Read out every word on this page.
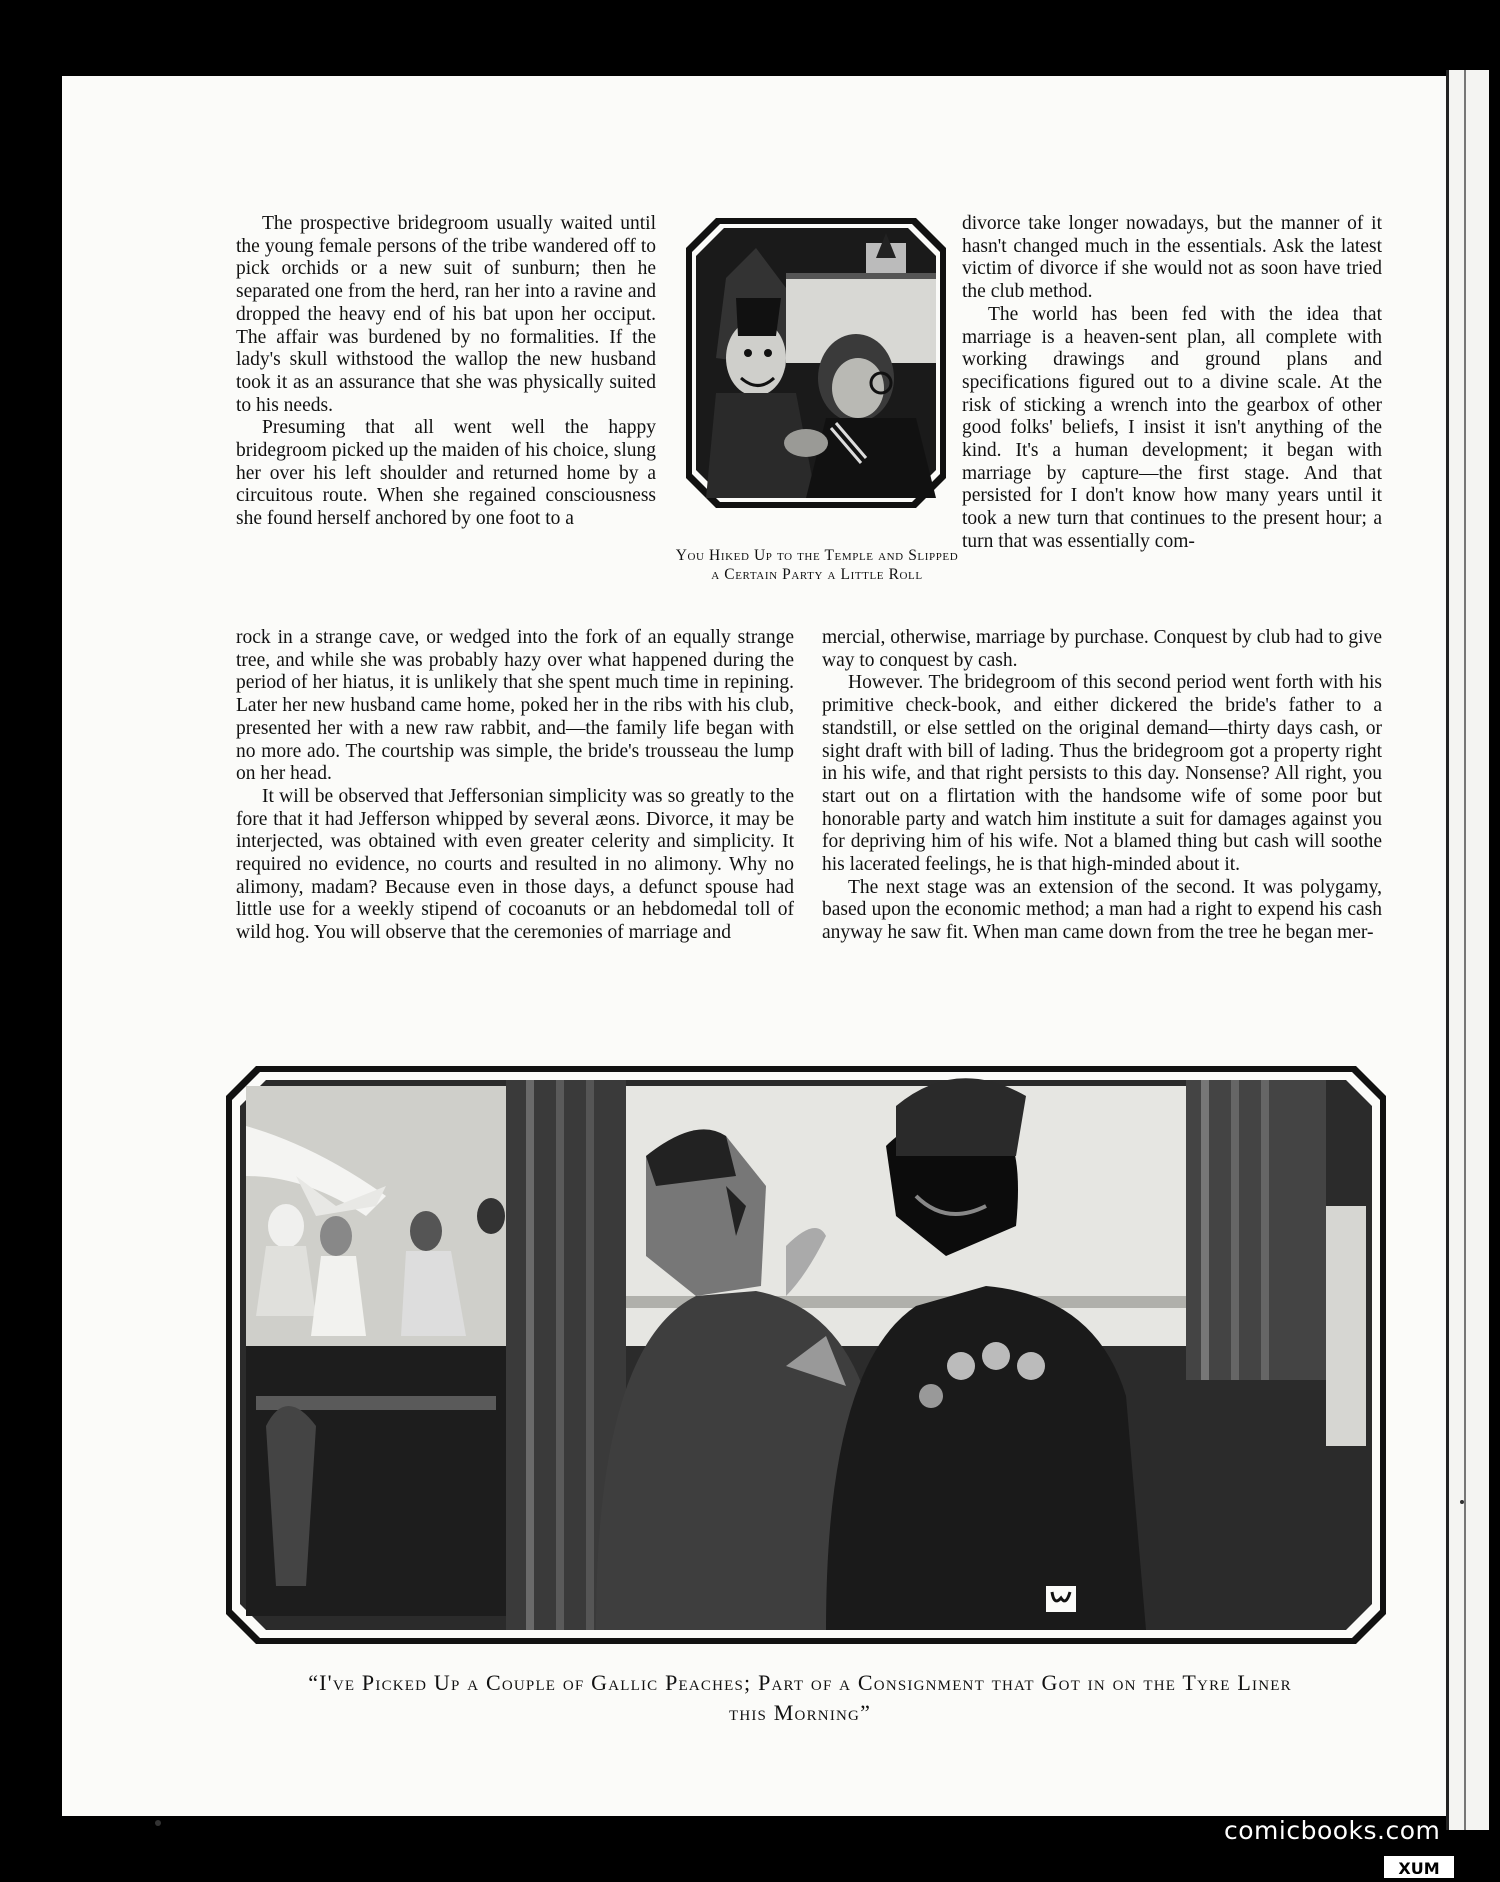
The prospective bridegroom usually waited until the young female persons of the tribe wandered off to pick orchids or a new suit of sunburn; then he separated one from the herd, ran her into a ravine and dropped the heavy end of his bat upon her occiput. The affair was burdened by no formalities. If the lady's skull withstood the wallop the new husband took it as an assurance that she was physically suited to his needs.

Presuming that all went well the happy bridegroom picked up the maiden of his choice, slung her over his left shoulder and returned home by a circuitous route. When she regained consciousness she found herself anchored by one foot to a

rock in a strange cave, or wedged into the fork of an equally strange tree, and while she was probably hazy over what happened during the period of her hiatus, it is unlikely that she spent much time in repining. Later her new husband came home, poked her in the ribs with his club, presented her with a new raw rabbit, and—the family life began with no more ado. The courtship was simple, the bride's trousseau the lump on her head.

It will be observed that Jeffersonian simplicity was so greatly to the fore that it had Jefferson whipped by several æons. Divorce, it may be interjected, was obtained with even greater celerity and simplicity. It required no evidence, no courts and resulted in no alimony. Why no alimony, madam? Because even in those days, a defunct spouse had little use for a weekly stipend of cocoanuts or an hebdomedal toll of wild hog. You will observe that the ceremonies of marriage and

divorce take longer nowadays, but the manner of it hasn't changed much in the essentials. Ask the latest victim of divorce if she would not as soon have tried the club method.

The world has been fed with the idea that marriage is a heaven-sent plan, all complete with working drawings and ground plans and specifications figured out to a divine scale. At the risk of sticking a wrench into the gearbox of other good folks' beliefs, I insist it isn't anything of the kind. It's a human development; it began with marriage by capture—the first stage. And that persisted for I don't know how many years until it took a new turn that continues to the present hour; a turn that was essentially com-

mercial, otherwise, marriage by purchase. Conquest by club had to give way to conquest by cash.

However. The bridegroom of this second period went forth with his primitive check-book, and either dickered the bride's father to a standstill, or else settled on the original demand—thirty days cash, or sight draft with bill of lading. Thus the bridegroom got a property right in his wife, and that right persists to this day. Nonsense? All right, you start out on a flirtation with the handsome wife of some poor but honorable party and watch him institute a suit for damages against you for depriving him of his wife. Not a blamed thing but cash will soothe his lacerated feelings, he is that high-minded about it.

The next stage was an extension of the second. It was polygamy, based upon the economic method; a man had a right to expend his cash anyway he saw fit. When man came down from the tree he began mer-

You Hiked Up to the Temple and Slipped a Certain Party a Little Roll
“I've Picked Up a Couple of Gallic Peaches; Part of a Consignment that Got in on the Tyre Liner this Morning”
comicbooks.com
XUM
